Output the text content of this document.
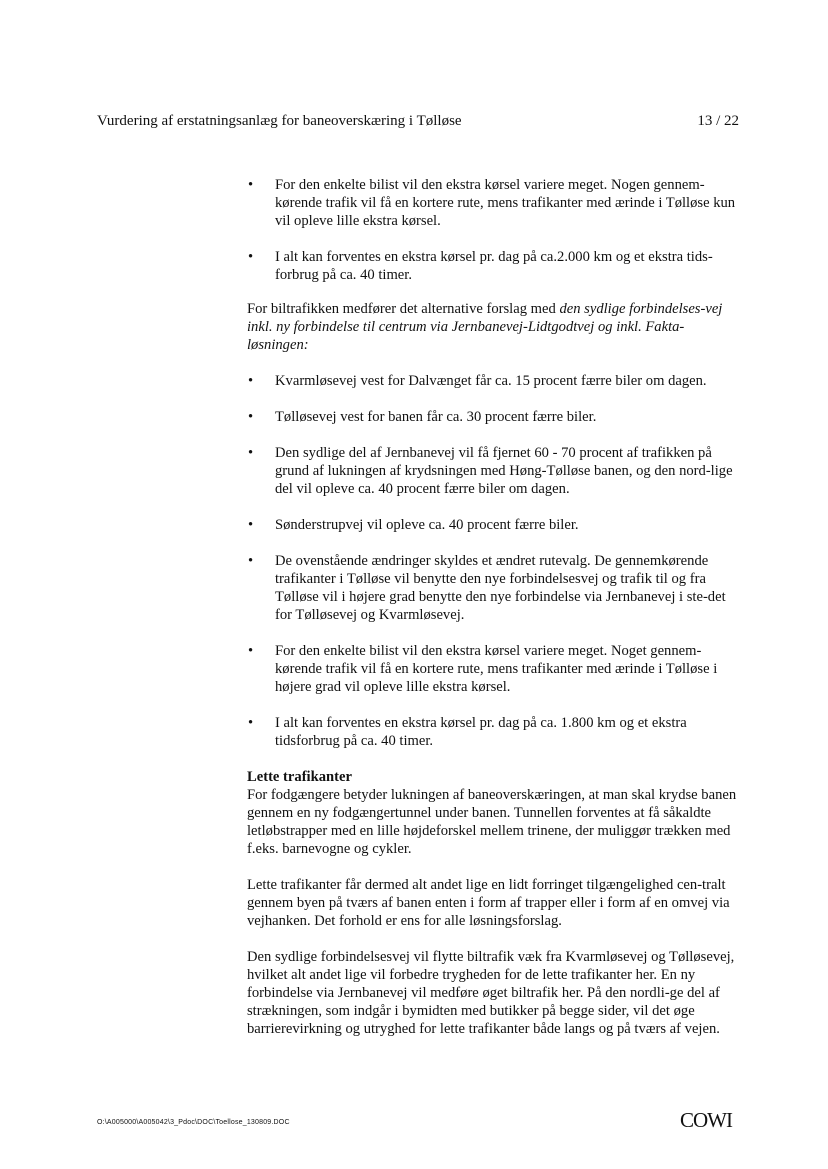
Vurdering af erstatningsanlæg for baneoverskæring i Tølløse	13 / 22
• For den enkelte bilist vil den ekstra kørsel variere meget. Nogen gennem-kørende trafik vil få en kortere rute, mens trafikanter med ærinde i Tølløse kun vil opleve lille ekstra kørsel.
• I alt kan forventes en ekstra kørsel pr. dag på ca.2.000 km og et ekstra tids-forbrug på ca. 40 timer.

For biltrafikken medfører det alternative forslag med den sydlige forbindelses-vej inkl. ny forbindelse til centrum via Jernbanevej-Lidtgodtvej og inkl. Fakta-løsningen:

• Kvarmløsevej vest for Dalvænget får ca. 15 procent færre biler om dagen.
• Tølløsevej vest for banen får ca. 30 procent færre biler.
• Den sydlige del af Jernbanevej vil få fjernet 60 - 70 procent af trafikken på grund af lukningen af krydsningen med Høng-Tølløse banen, og den nord-lige del vil opleve ca. 40 procent færre biler om dagen.
• Sønderstrupvej vil opleve ca. 40 procent færre biler.
• De ovenstående ændringer skyldes et ændret rutevalg. De gennemkørende trafikanter i Tølløse vil benytte den nye forbindelsesvej og trafik til og fra Tølløse vil i højere grad benytte den nye forbindelse via Jernbanevej i ste-det for Tølløsevej og Kvarmløsevej.
• For den enkelte bilist vil den ekstra kørsel variere meget. Noget gennem-kørende trafik vil få en kortere rute, mens trafikanter med ærinde i Tølløse i højere grad vil opleve lille ekstra kørsel.
• I alt kan forventes en ekstra kørsel pr. dag på ca. 1.800 km og et ekstra tidsforbrug på ca. 40 timer.
Lette trafikanter

For fodgængere betyder lukningen af baneoverskæringen, at man skal krydse banen gennem en ny fodgængertunnel under banen. Tunnellen forventes at få såkaldte letløbstrapper med en lille højdeforskel mellem trinene, der muliggør trækken med f.eks. barnevogne og cykler.

Lette trafikanter får dermed alt andet lige en lidt forringet tilgængelighed cen-tralt gennem byen på tværs af banen enten i form af trapper eller i form af en omvej via vejhanken. Det forhold er ens for alle løsningsforslag.

Den sydlige forbindelsesvej vil flytte biltrafik væk fra Kvarmløsevej og Tølløsevej, hvilket alt andet lige vil forbedre trygheden for de lette trafikanter her. En ny forbindelse via Jernbanevej vil medføre øget biltrafik her. På den nordli-ge del af strækningen, som indgår i bymidten med butikker på begge sider, vil det øge barrierevirkning og utryghed for lette trafikanter både langs og på tværs af vejen.

O:\A005000\A005042\3_Pdoc\DOC\Toellose_130809.DOC	COWI
